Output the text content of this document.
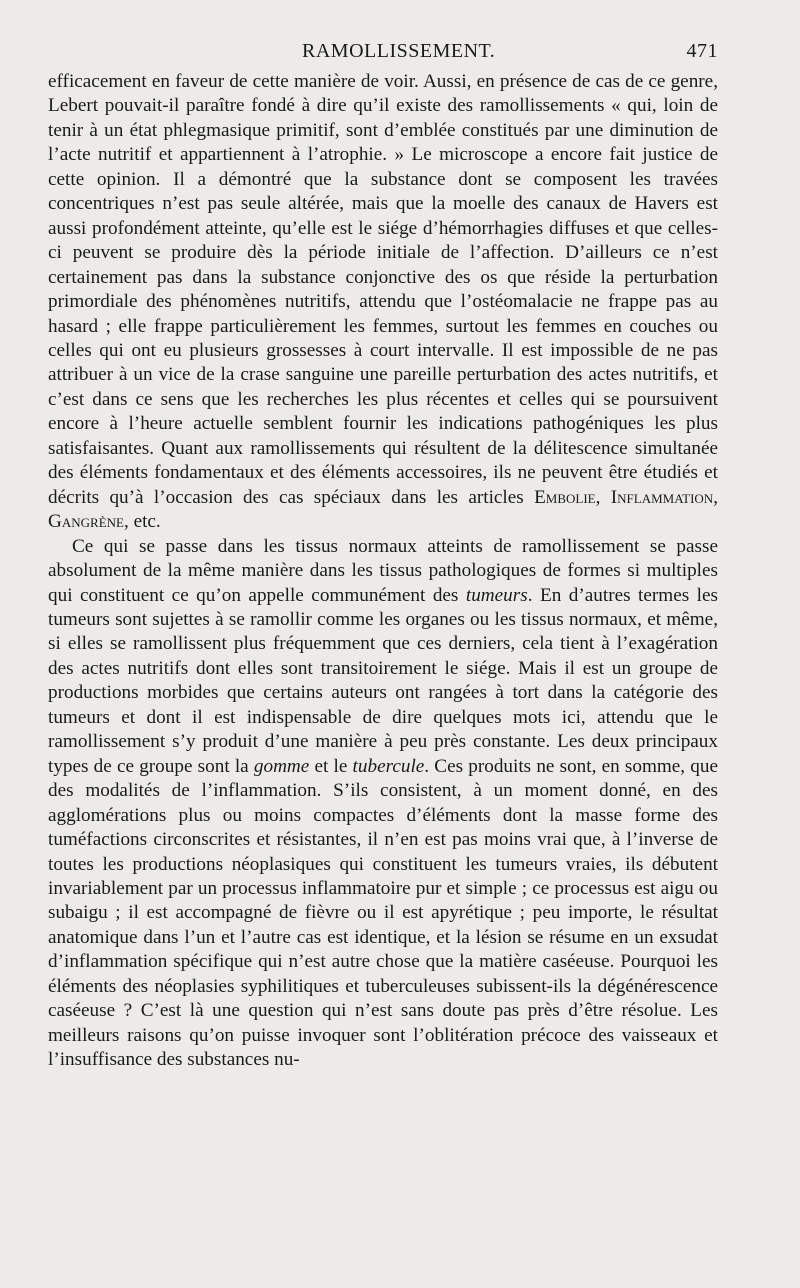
RAMOLLISSEMENT.	471

efficacement en faveur de cette manière de voir. Aussi, en présence de cas de ce genre, Lebert pouvait-il paraître fondé à dire qu’il existe des ramollissements « qui, loin de tenir à un état phlegmasique primitif, sont d’emblée constitués par une diminution de l’acte nutritif et appartiennent à l’atrophie. » Le microscope a encore fait justice de cette opinion. Il a démontré que la substance dont se composent les travées concentriques n’est pas seule altérée, mais que la moelle des canaux de Havers est aussi profondément atteinte, qu’elle est le siége d’hémorrhagies diffuses et que celles-ci peuvent se produire dès la période initiale de l’affection. D’ailleurs ce n’est certainement pas dans la substance conjonctive des os que réside la perturbation primordiale des phénomènes nutritifs, attendu que l’ostéomalacie ne frappe pas au hasard ; elle frappe particulièrement les femmes, surtout les femmes en couches ou celles qui ont eu plusieurs grossesses à court intervalle. Il est impossible de ne pas attribuer à un vice de la crase sanguine une pareille perturbation des actes nutritifs, et c’est dans ce sens que les recherches les plus récentes et celles qui se poursuivent encore à l’heure actuelle semblent fournir les indications pathogéniques les plus satisfaisantes. Quant aux ramollissements qui résultent de la délitescence simultanée des éléments fondamentaux et des éléments accessoires, ils ne peuvent être étudiés et décrits qu’à l’occasion des cas spéciaux dans les articles Embolie, Inflammation, Gangrène, etc.

Ce qui se passe dans les tissus normaux atteints de ramollissement se passe absolument de la même manière dans les tissus pathologiques de formes si multiples qui constituent ce qu’on appelle communément des tumeurs. En d’autres termes les tumeurs sont sujettes à se ramollir comme les organes ou les tissus normaux, et même, si elles se ramollissent plus fréquemment que ces derniers, cela tient à l’exagération des actes nutritifs dont elles sont transitoirement le siége. Mais il est un groupe de productions morbides que certains auteurs ont rangées à tort dans la catégorie des tumeurs et dont il est indispensable de dire quelques mots ici, attendu que le ramollissement s’y produit d’une manière à peu près constante. Les deux principaux types de ce groupe sont la gomme et le tubercule. Ces produits ne sont, en somme, que des modalités de l’inflammation. S’ils consistent, à un moment donné, en des agglomérations plus ou moins compactes d’éléments dont la masse forme des tuméfactions circonscrites et résistantes, il n’en est pas moins vrai que, à l’inverse de toutes les productions néoplasiques qui constituent les tumeurs vraies, ils débutent invariablement par un processus inflammatoire pur et simple ; ce processus est aigu ou subaigu ; il est accompagné de fièvre ou il est apyrétique ; peu importe, le résultat anatomique dans l’un et l’autre cas est identique, et la lésion se résume en un exsudat d’inflammation spécifique qui n’est autre chose que la matière caséeuse. Pourquoi les éléments des néoplasies syphilitiques et tuberculeuses subissent-ils la dégénérescence caséeuse ? C’est là une question qui n’est sans doute pas près d’être résolue. Les meilleurs raisons qu’on puisse invoquer sont l’oblitération précoce des vaisseaux et l’insuffisance des substances nu-
